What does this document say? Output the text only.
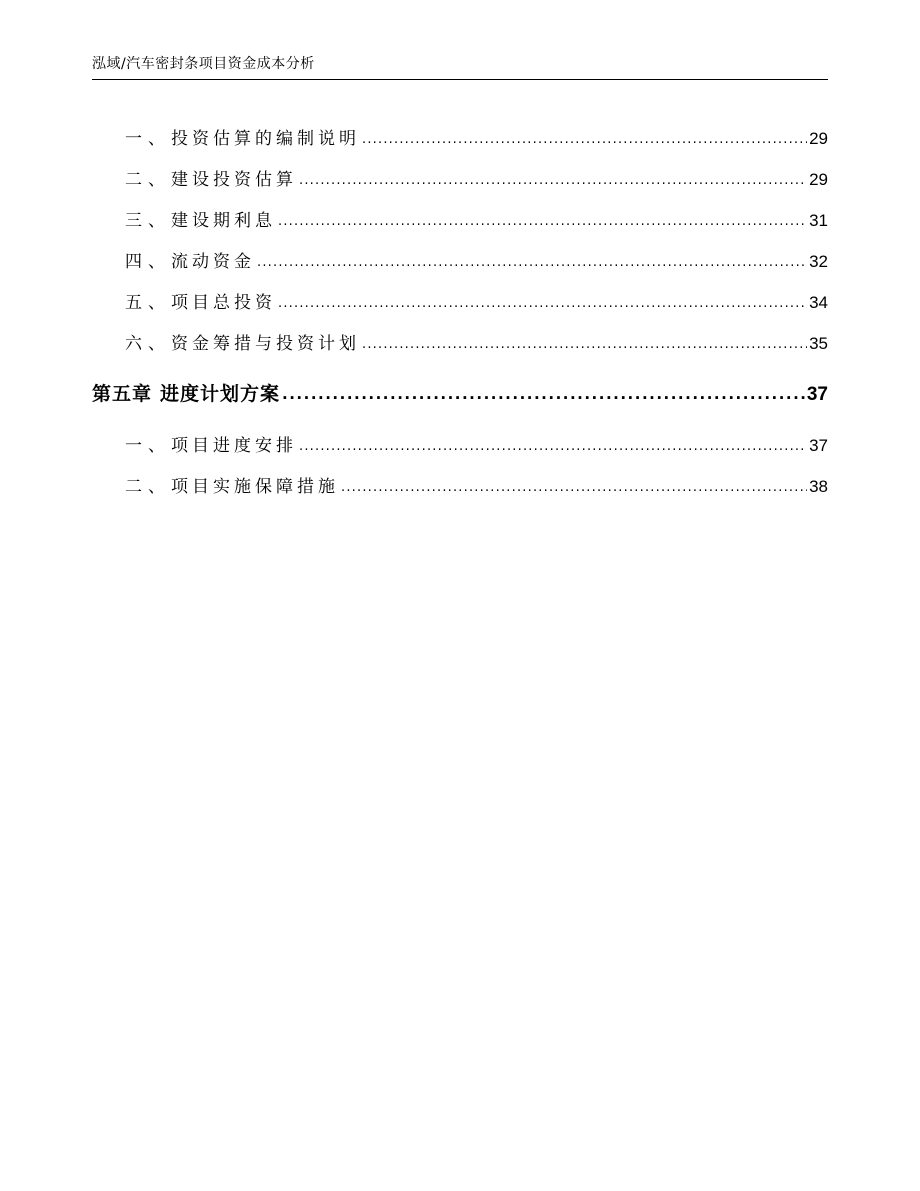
泓域/汽车密封条项目资金成本分析
一、 投资估算的编制说明 .....	29
二、 建设投资估算 .....	29
三、 建设期利息 .....	31
四、 流动资金 .....	32
五、 项目总投资 .....	34
六、 资金筹措与投资计划 .....	35
第五章 进度计划方案 .....	37
一、 项目进度安排 .....	37
二、 项目实施保障措施 .....	38
